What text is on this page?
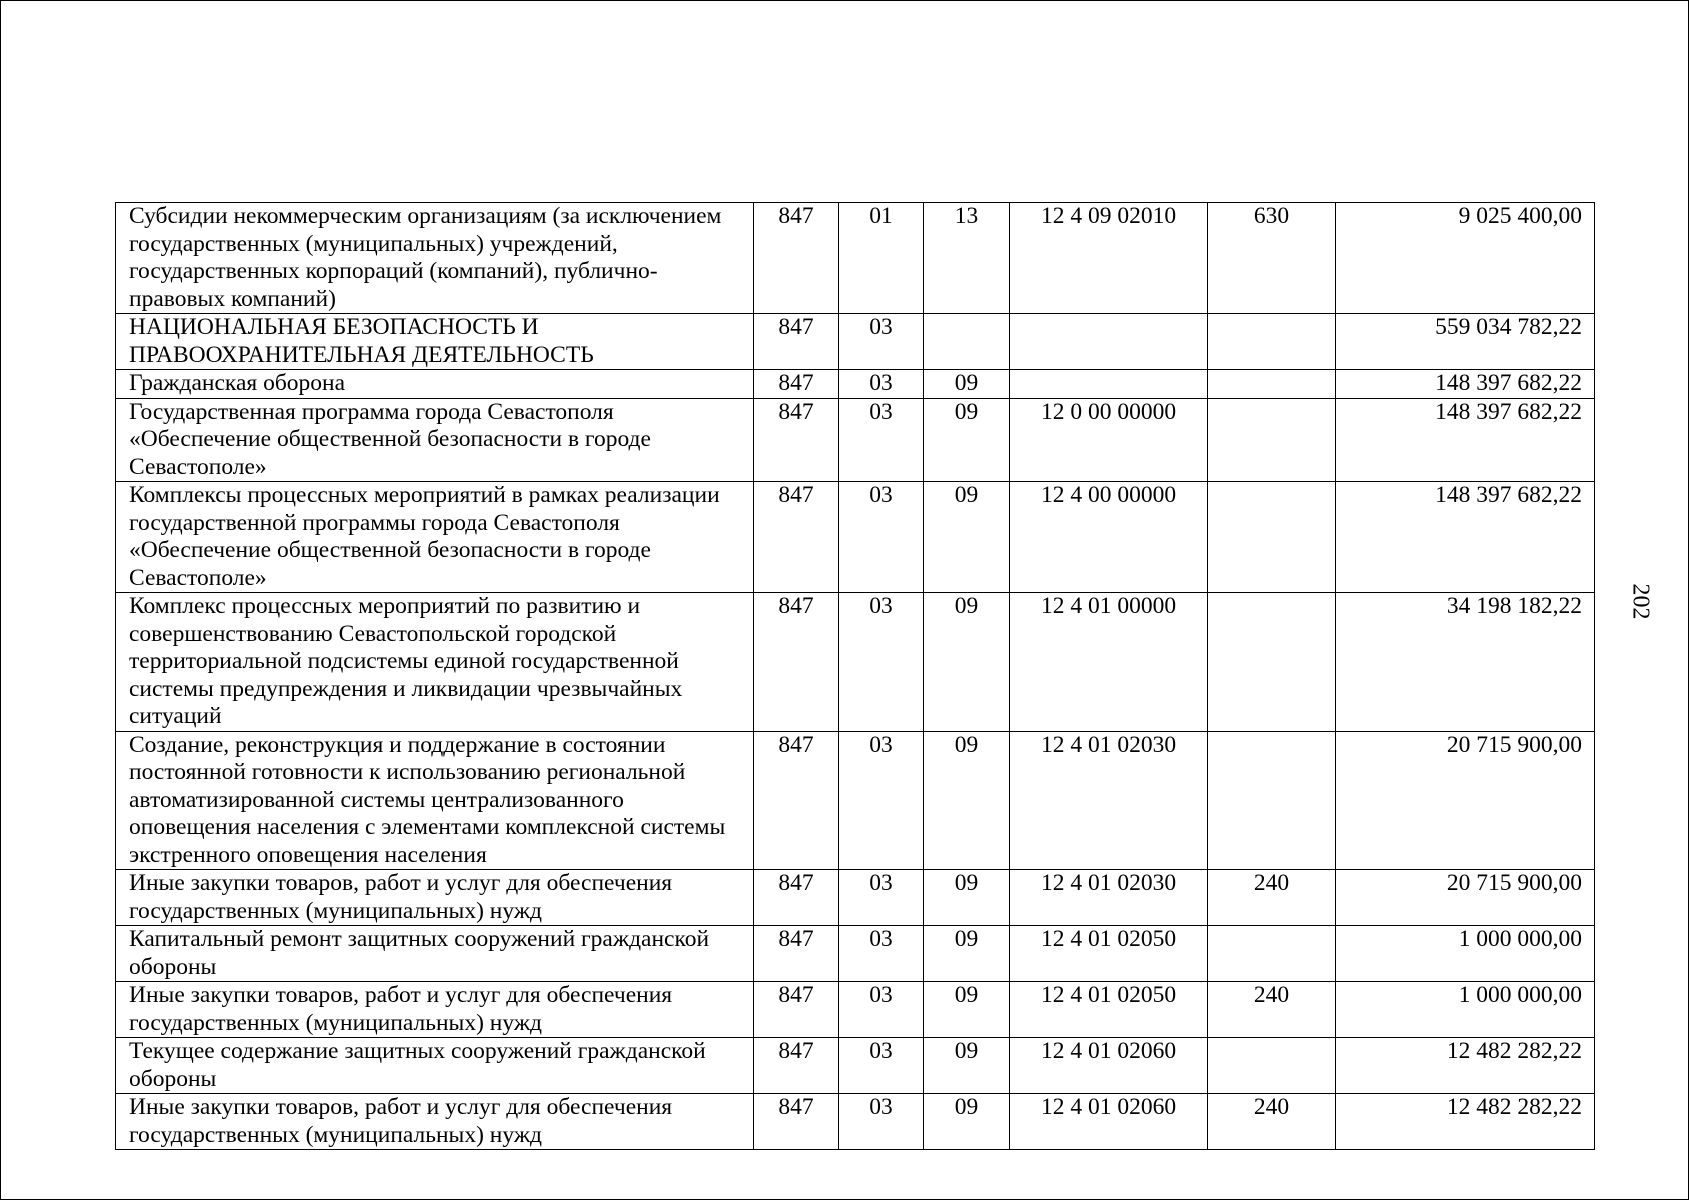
Субсидии некоммерческим организациям (за исключением государственных (муниципальных) учреждений, государственных корпораций (компаний), публично-правовых компаний)	847	01	13	12 4 09 02010	630	9 025 400,00
НАЦИОНАЛЬНАЯ БЕЗОПАСНОСТЬ И ПРАВООХРАНИТЕЛЬНАЯ ДЕЯТЕЛЬНОСТЬ	847	03				559 034 782,22
Гражданская оборона	847	03	09			148 397 682,22
Государственная программа города Севастополя «Обеспечение общественной безопасности в городе Севастополе»	847	03	09	12 0 00 00000		148 397 682,22
Комплексы процессных мероприятий в рамках реализации государственной программы города Севастополя «Обеспечение общественной безопасности в городе Севастополе»	847	03	09	12 4 00 00000		148 397 682,22
Комплекс процессных мероприятий по развитию и совершенствованию Севастопольской городской территориальной подсистемы единой государственной системы предупреждения и ликвидации чрезвычайных ситуаций	847	03	09	12 4 01 00000		34 198 182,22
Создание, реконструкция и поддержание в состоянии постоянной готовности к использованию региональной автоматизированной системы централизованного оповещения населения с элементами комплексной системы экстренного оповещения населения	847	03	09	12 4 01 02030		20 715 900,00
Иные закупки товаров, работ и услуг для обеспечения государственных (муниципальных) нужд	847	03	09	12 4 01 02030	240	20 715 900,00
Капитальный ремонт защитных сооружений гражданской обороны	847	03	09	12 4 01 02050		1 000 000,00
Иные закупки товаров, работ и услуг для обеспечения государственных (муниципальных) нужд	847	03	09	12 4 01 02050	240	1 000 000,00
Текущее содержание защитных сооружений гражданской обороны	847	03	09	12 4 01 02060		12 482 282,22
Иные закупки товаров, работ и услуг для обеспечения государственных (муниципальных) нужд	847	03	09	12 4 01 02060	240	12 482 282,22
202
